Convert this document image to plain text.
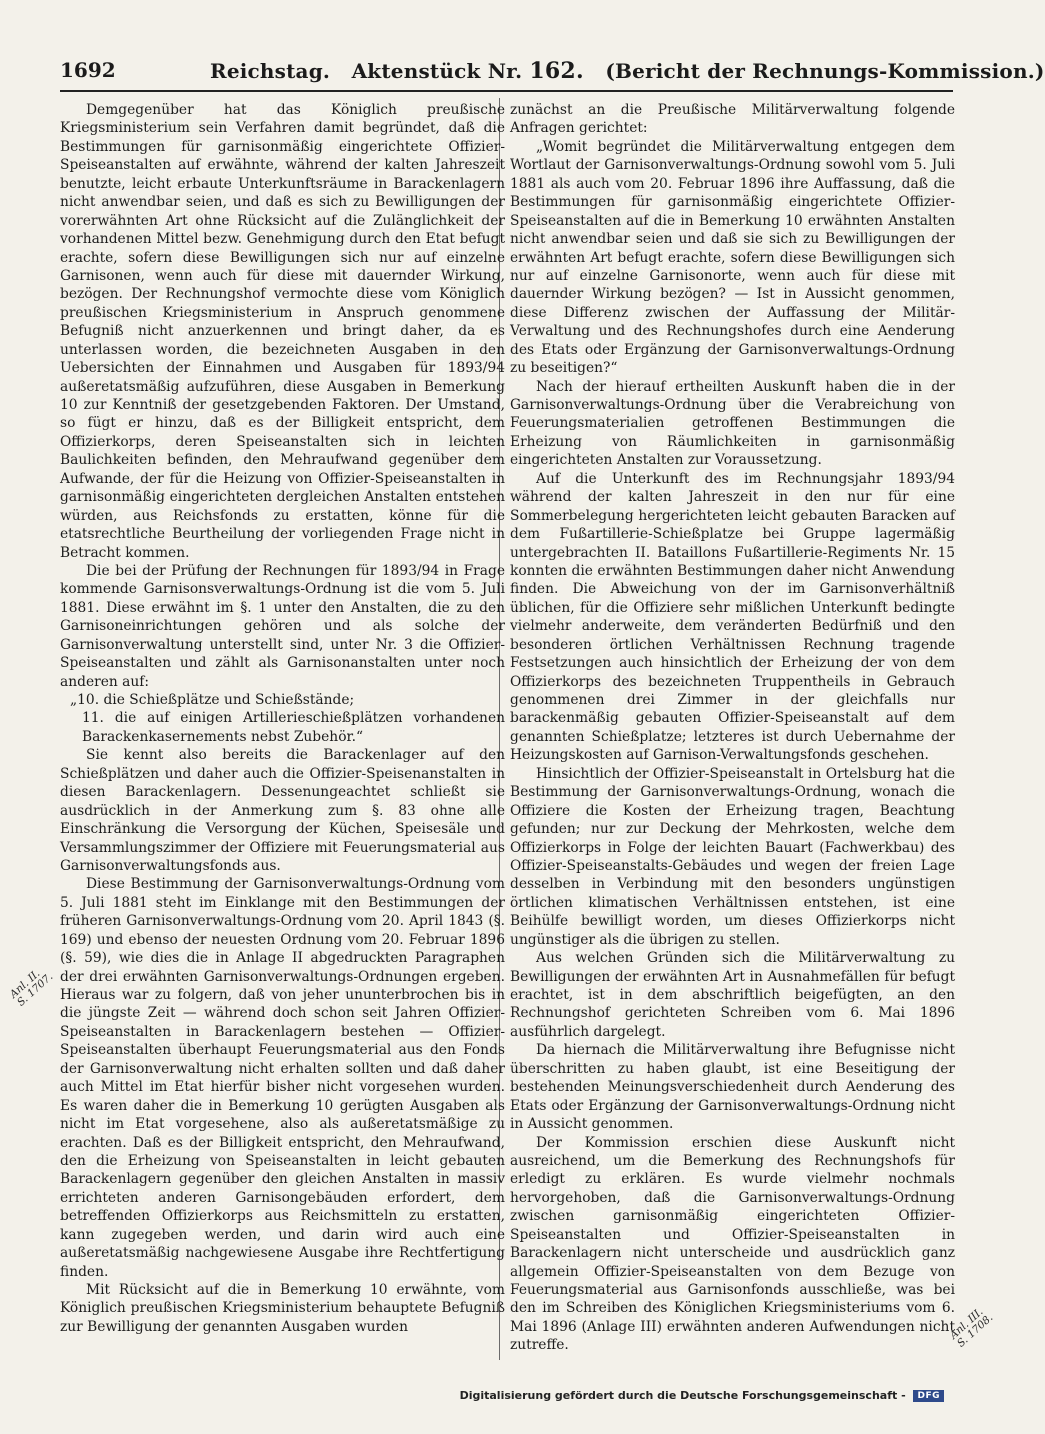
1692	Reichstag. Aktenstück Nr. 162. (Bericht der Rechnungs-Kommission.)

Demgegenüber hat das Königlich preußische Kriegsministerium sein Verfahren damit begründet, daß die Bestimmungen für garnisonmäßig eingerichtete Offizier-Speiseanstalten auf erwähnte, während der kalten Jahreszeit benutzte, leicht erbaute Unterkunftsräume in Barackenlagern nicht anwendbar seien, und daß es sich zu Bewilligungen der vorerwähnten Art ohne Rücksicht auf die Zulänglichkeit der vorhandenen Mittel bezw. Genehmigung durch den Etat befugt erachte, sofern diese Bewilligungen sich nur auf einzelne Garnisonen, wenn auch für diese mit dauernder Wirkung, bezögen. Der Rechnungshof vermochte diese vom Königlich preußischen Kriegsministerium in Anspruch genommene Befugniß nicht anzuerkennen und bringt daher, da es unterlassen worden, die bezeichneten Ausgaben in den Uebersichten der Einnahmen und Ausgaben für 1893/94 außeretatsmäßig aufzuführen, diese Ausgaben in Bemerkung 10 zur Kenntniß der gesetzgebenden Faktoren. Der Umstand, so fügt er hinzu, daß es der Billigkeit entspricht, dem Offizierkorps, deren Speiseanstalten sich in leichten Baulichkeiten befinden, den Mehraufwand gegenüber dem Aufwande, der für die Heizung von Offizier-Speiseanstalten in garnisonmäßig eingerichteten dergleichen Anstalten entstehen würden, aus Reichsfonds zu erstatten, könne für die etatsrechtliche Beurtheilung der vorliegenden Frage nicht in Betracht kommen.

Die bei der Prüfung der Rechnungen für 1893/94 in Frage kommende Garnisonsverwaltungs-Ordnung ist die vom 5. Juli 1881. Diese erwähnt im §. 1 unter den Anstalten, die zu den Garnisoneinrichtungen gehören und als solche der Garnisonverwaltung unterstellt sind, unter Nr. 3 die Offizier-Speiseanstalten und zählt als Garnisonanstalten unter noch anderen auf:

„10. die Schießplätze und Schießstände;

11. die auf einigen Artillerieschießplätzen vorhandenen Barackenkasernements nebst Zubehör.“

Sie kennt also bereits die Barackenlager auf den Schießplätzen und daher auch die Offizier-Speisenanstalten in diesen Barackenlagern. Dessenungeachtet schließt sie ausdrücklich in der Anmerkung zum §. 83 ohne alle Einschränkung die Versorgung der Küchen, Speisesäle und Versammlungszimmer der Offiziere mit Feuerungsmaterial aus Garnisonverwaltungsfonds aus.

Diese Bestimmung der Garnisonverwaltungs-Ordnung vom 5. Juli 1881 steht im Einklange mit den Bestimmungen der früheren Garnisonverwaltungs-Ordnung vom 20. April 1843 (§. 169) und ebenso der neuesten Ordnung vom 20. Februar 1896 (§. 59), wie dies die in Anlage II abgedruckten Paragraphen der drei erwähnten Garnisonverwaltungs-Ordnungen ergeben. Hieraus war zu folgern, daß von jeher ununterbrochen bis in die jüngste Zeit — während doch schon seit Jahren Offizier-Speiseanstalten in Barackenlagern bestehen — Offizier-Speiseanstalten überhaupt Feuerungsmaterial aus den Fonds der Garnisonverwaltung nicht erhalten sollten und daß daher auch Mittel im Etat hierfür bisher nicht vorgesehen wurden. Es waren daher die in Bemerkung 10 gerügten Ausgaben als nicht im Etat vorgesehene, also als außeretatsmäßige zu erachten. Daß es der Billigkeit entspricht, den Mehraufwand, den die Erheizung von Speiseanstalten in leicht gebauten Barackenlagern gegenüber den gleichen Anstalten in massiv errichteten anderen Garnisongebäuden erfordert, dem betreffenden Offizierkorps aus Reichsmitteln zu erstatten, kann zugegeben werden, und darin wird auch eine außeretatsmäßig nachgewiesene Ausgabe ihre Rechtfertigung finden.

Mit Rücksicht auf die in Bemerkung 10 erwähnte, vom Königlich preußischen Kriegsministerium behauptete Befugniß zur Bewilligung der genannten Ausgaben wurden

zunächst an die Preußische Militärverwaltung folgende Anfragen gerichtet:

„Womit begründet die Militärverwaltung entgegen dem Wortlaut der Garnisonverwaltungs-Ordnung sowohl vom 5. Juli 1881 als auch vom 20. Februar 1896 ihre Auffassung, daß die Bestimmungen für garnisonmäßig eingerichtete Offizier-Speiseanstalten auf die in Bemerkung 10 erwähnten Anstalten nicht anwendbar seien und daß sie sich zu Bewilligungen der erwähnten Art befugt erachte, sofern diese Bewilligungen sich nur auf einzelne Garnisonorte, wenn auch für diese mit dauernder Wirkung bezögen? — Ist in Aussicht genommen, diese Differenz zwischen der Auffassung der Militär-Verwaltung und des Rechnungshofes durch eine Aenderung des Etats oder Ergänzung der Garnisonverwaltungs-Ordnung zu beseitigen?“

Nach der hierauf ertheilten Auskunft haben die in der Garnisonverwaltungs-Ordnung über die Verabreichung von Feuerungsmaterialien getroffenen Bestimmungen die Erheizung von Räumlichkeiten in garnisonmäßig eingerichteten Anstalten zur Voraussetzung.

Auf die Unterkunft des im Rechnungsjahr 1893/94 während der kalten Jahreszeit in den nur für eine Sommerbelegung hergerichteten leicht gebauten Baracken auf dem Fußartillerie-Schießplatze bei Gruppe lagermäßig untergebrachten II. Bataillons Fußartillerie-Regiments Nr. 15 konnten die erwähnten Bestimmungen daher nicht Anwendung finden. Die Abweichung von der im Garnisonverhältniß üblichen, für die Offiziere sehr mißlichen Unterkunft bedingte vielmehr anderweite, dem veränderten Bedürfniß und den besonderen örtlichen Verhältnissen Rechnung tragende Festsetzungen auch hinsichtlich der Erheizung der von dem Offizierkorps des bezeichneten Truppentheils in Gebrauch genommenen drei Zimmer in der gleichfalls nur barackenmäßig gebauten Offizier-Speiseanstalt auf dem genannten Schießplatze; letzteres ist durch Uebernahme der Heizungskosten auf Garnison-Verwaltungsfonds geschehen.

Hinsichtlich der Offizier-Speiseanstalt in Ortelsburg hat die Bestimmung der Garnisonverwaltungs-Ordnung, wonach die Offiziere die Kosten der Erheizung tragen, Beachtung gefunden; nur zur Deckung der Mehrkosten, welche dem Offizierkorps in Folge der leichten Bauart (Fachwerkbau) des Offizier-Speiseanstalts-Gebäudes und wegen der freien Lage desselben in Verbindung mit den besonders ungünstigen örtlichen klimatischen Verhältnissen entstehen, ist eine Beihülfe bewilligt worden, um dieses Offizierkorps nicht ungünstiger als die übrigen zu stellen.

Aus welchen Gründen sich die Militärverwaltung zu Bewilligungen der erwähnten Art in Ausnahmefällen für befugt erachtet, ist in dem abschriftlich beigefügten, an den Rechnungshof gerichteten Schreiben vom 6. Mai 1896 ausführlich dargelegt.

Da hiernach die Militärverwaltung ihre Befugnisse nicht überschritten zu haben glaubt, ist eine Beseitigung der bestehenden Meinungsverschiedenheit durch Aenderung des Etats oder Ergänzung der Garnisonverwaltungs-Ordnung nicht in Aussicht genommen.

Der Kommission erschien diese Auskunft nicht ausreichend, um die Bemerkung des Rechnungshofs für erledigt zu erklären. Es wurde vielmehr nochmals hervorgehoben, daß die Garnisonverwaltungs-Ordnung zwischen garnisonmäßig eingerichteten Offizier-Speiseanstalten und Offizier-Speiseanstalten in Barackenlagern nicht unterscheide und ausdrücklich ganz allgemein Offizier-Speiseanstalten von dem Bezuge von Feuerungsmaterial aus Garnisonfonds ausschließe, was bei den im Schreiben des Königlichen Kriegsministeriums vom 6. Mai 1896 (Anlage III) erwähnten anderen Aufwendungen nicht zutreffe.

Anl. II.
S. 1707.
Anl. III.
S. 1708.
Digitalisierung gefördert durch die Deutsche Forschungsgemeinschaft - DFG
